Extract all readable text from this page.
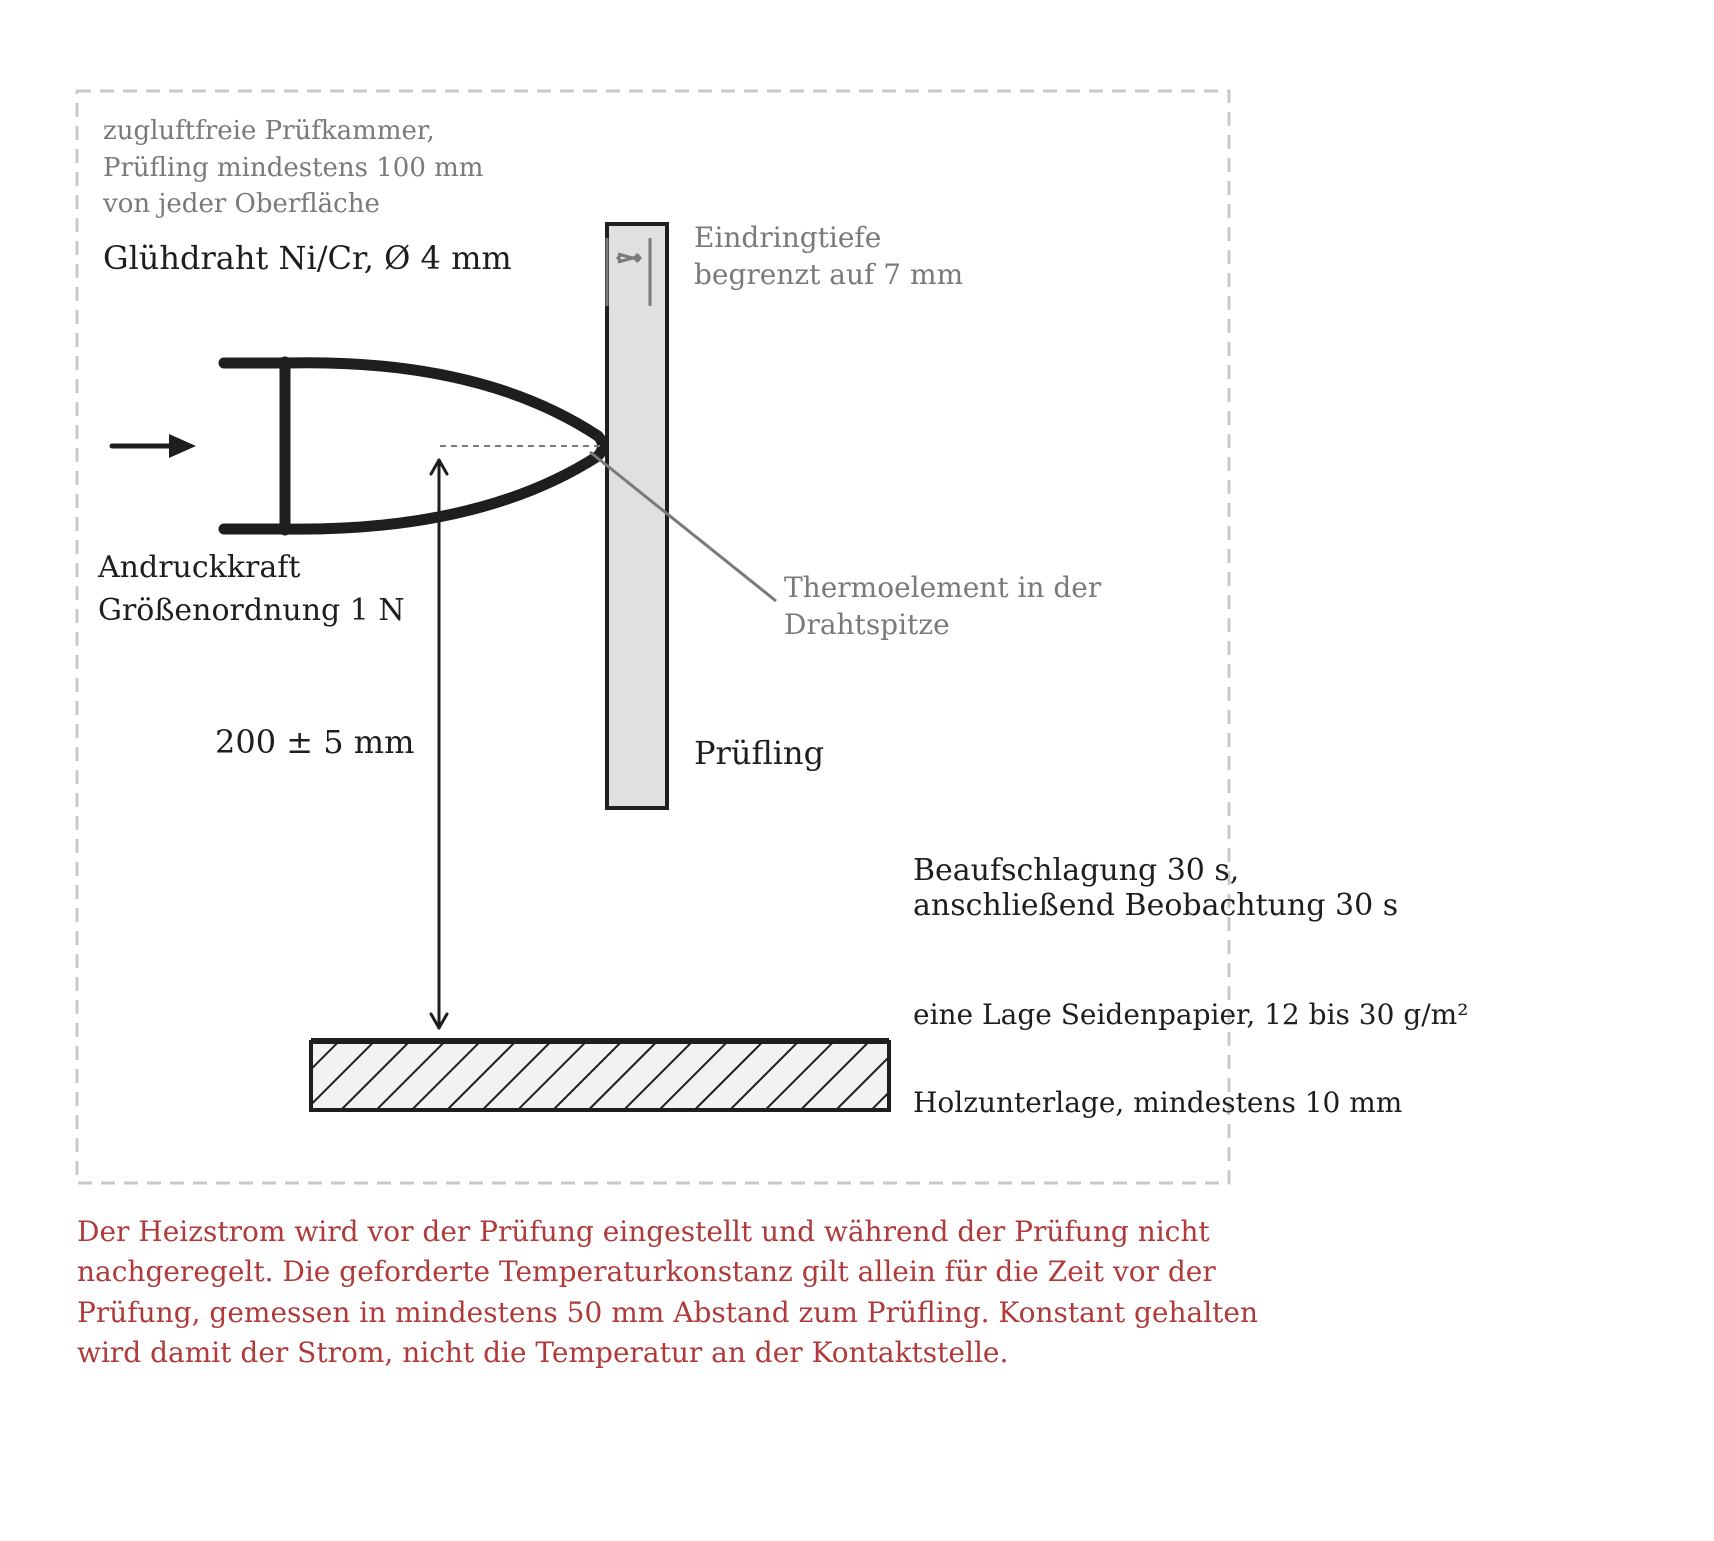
zugluftfreie Prüfkammer, Prüfling mindestens 100 mm von jeder Oberfläche
Glühdraht Ni/Cr, Ø 4 mm
Eindringtiefe begrenzt auf 7 mm
Andruckkraft Größenordnung 1 N
Thermoelement in der Drahtspitze
200 ± 5 mm	Prüfling
Beaufschlagung 30 s, anschließend Beobachtung 30 s
eine Lage Seidenpapier, 12 bis 30 g/m²
Holzunterlage, mindestens 10 mm
Der Heizstrom wird vor der Prüfung eingestellt und während der Prüfung nicht nachgeregelt. Die geforderte Temperaturkonstanz gilt allein für die Zeit vor der Prüfung, gemessen in mindestens 50 mm Abstand zum Prüfling. Konstant gehalten wird damit der Strom, nicht die Temperatur an der Kontaktstelle.
